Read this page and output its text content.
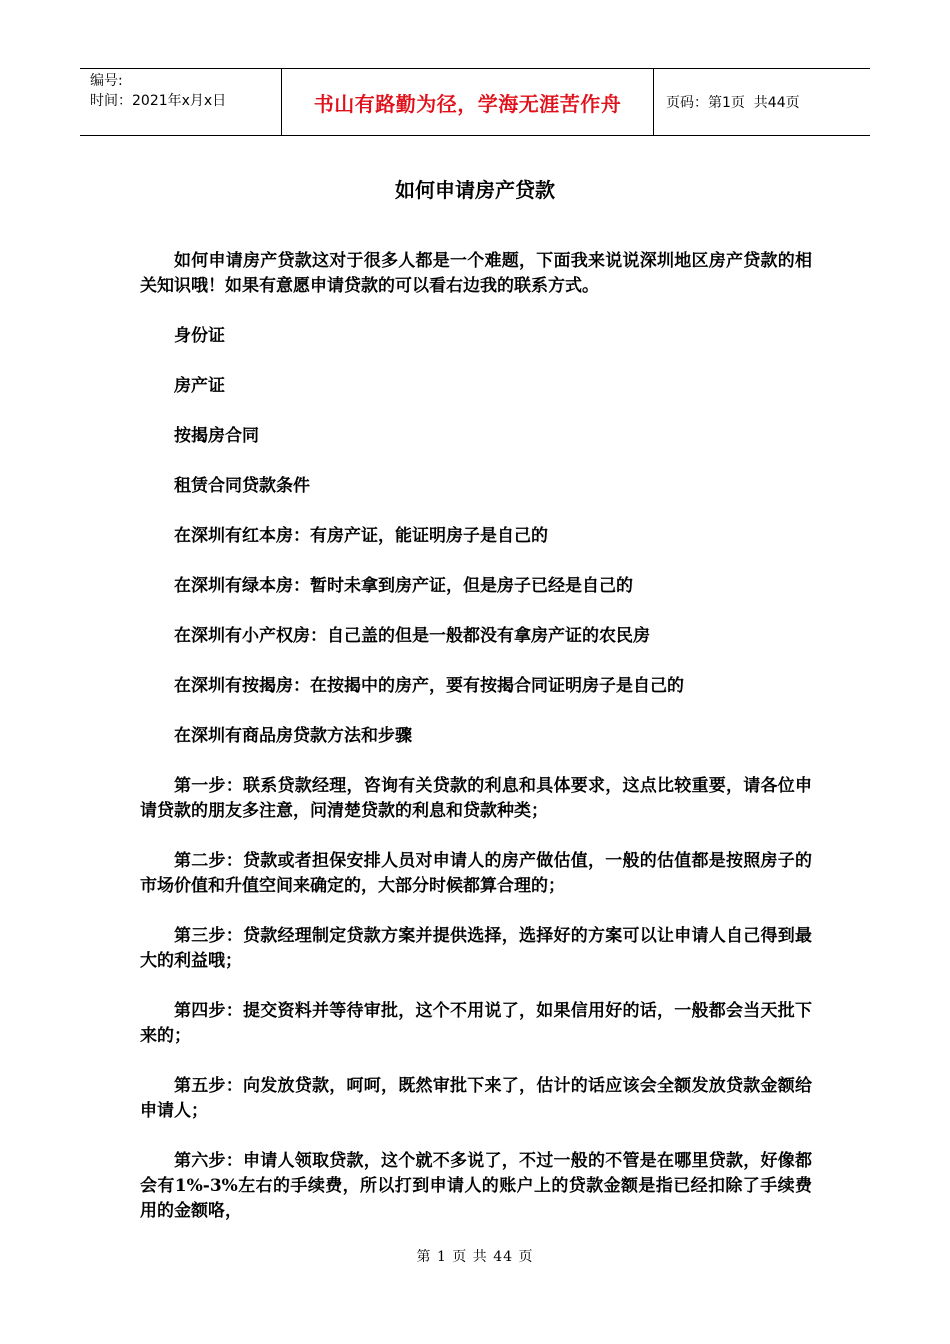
编号:
时间：2021年x月x日	书山有路勤为径，学海无涯苦作舟	页码：第1页  共44页
如何申请房产贷款

如何申请房产贷款这对于很多人都是一个难题，下面我来说说深圳地区房产贷款的相关知识哦！如果有意愿申请贷款的可以看右边我的联系方式。

身份证

房产证

按揭房合同

租赁合同贷款条件

在深圳有红本房：有房产证，能证明房子是自己的

在深圳有绿本房：暂时未拿到房产证，但是房子已经是自己的

在深圳有小产权房：自己盖的但是一般都没有拿房产证的农民房

在深圳有按揭房：在按揭中的房产，要有按揭合同证明房子是自己的

在深圳有商品房贷款方法和步骤

第一步：联系贷款经理，咨询有关贷款的利息和具体要求，这点比较重要，请各位申请贷款的朋友多注意，问清楚贷款的利息和贷款种类；

第二步：贷款或者担保安排人员对申请人的房产做估值，一般的估值都是按照房子的市场价值和升值空间来确定的，大部分时候都算合理的；

第三步：贷款经理制定贷款方案并提供选择，选择好的方案可以让申请人自己得到最大的利益哦；

第四步：提交资料并等待审批，这个不用说了，如果信用好的话，一般都会当天批下来的；

第五步：向发放贷款，呵呵，既然审批下来了，估计的话应该会全额发放贷款金额给申请人；

第六步：申请人领取贷款，这个就不多说了，不过一般的不管是在哪里贷款，好像都会有1%-3%左右的手续费，所以打到申请人的账户上的贷款金额是指已经扣除了手续费用的金额咯，

第 1 页 共 44 页
